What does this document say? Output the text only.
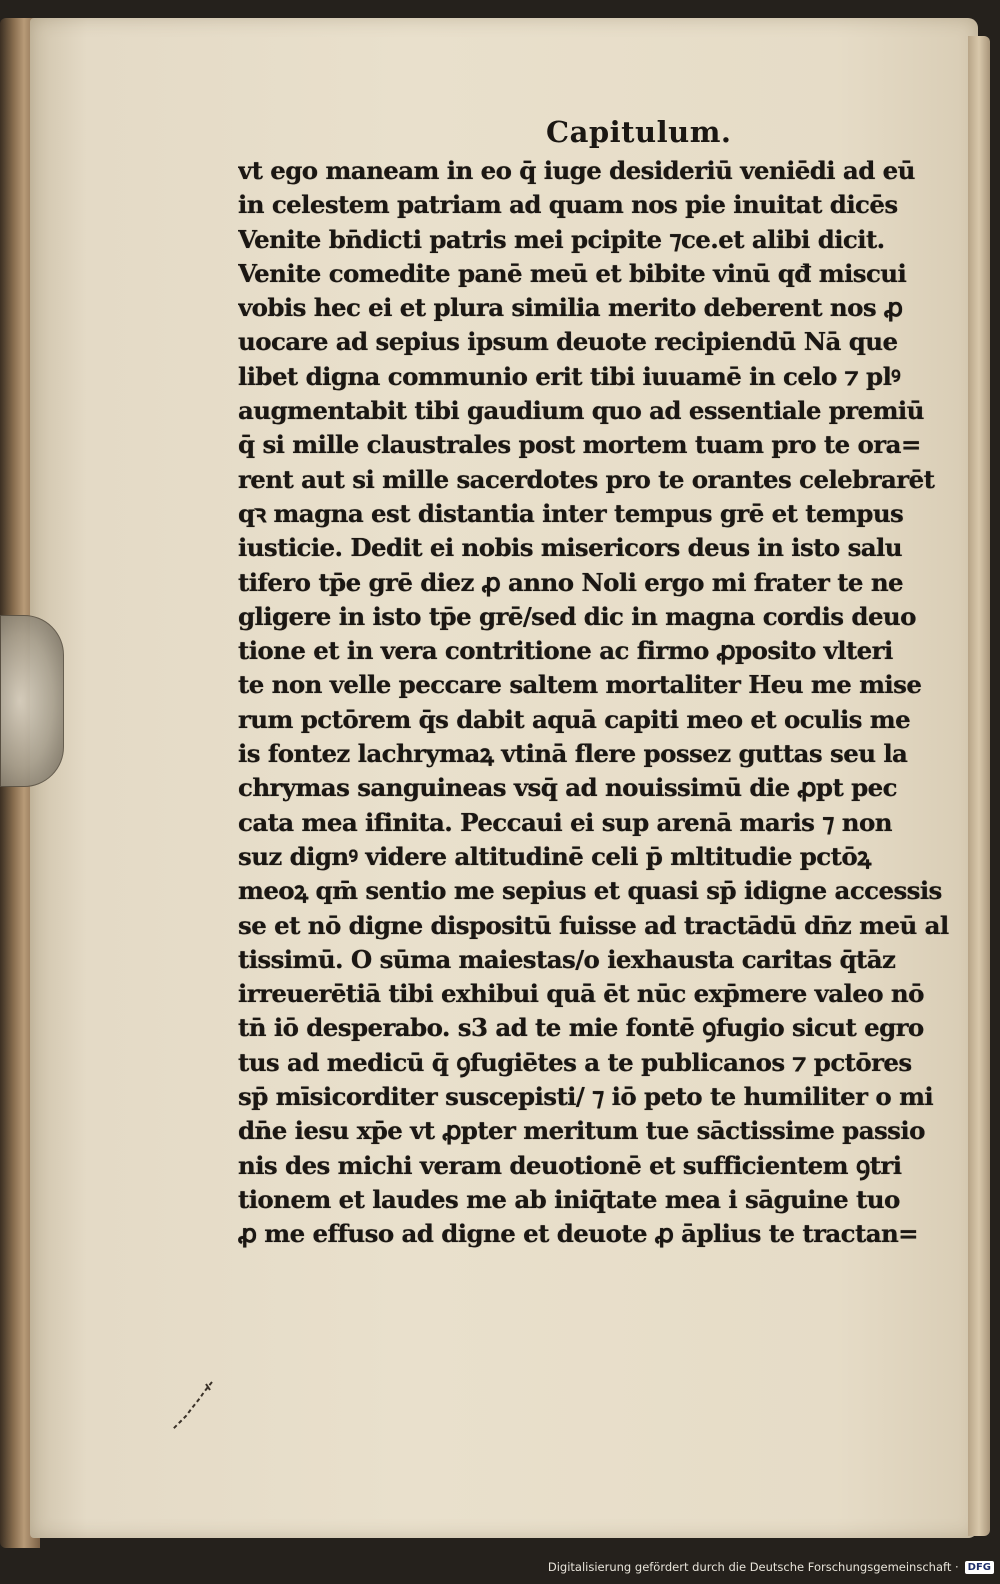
Capitulum.
vt ego maneam in eo q̄ iuge desideriū veniēdi ad eū
in celestem patriam ad quam nos pie inuitat dicēs
Venite bn̄dicti patris mei pcipite ⁊ce.et alibi dicit.
Venite comedite panē meū et bibite vinū qđ miscui
vobis hec ei et plura similia merito deberent nos ꝓ
uocare ad sepius ipsum deuote recipiendū Nā que
libet digna communio erit tibi iuuamē in celo ⁊ plꝰ
augmentabit tibi gaudium quo ad essentiale premiū
q̄ si mille claustrales post mortem tuam pro te ora=
rent aut si mille sacerdotes pro te orantes celebrarēt
qꝛ magna est distantia inter tempus grē et tempus
iusticie. Dedit ei nobis misericors deus in isto salu
tifero tp̄e grē diez ꝓ anno Noli ergo mi frater te ne
gligere in isto tp̄e grē/sed dic in magna cordis deuo
tione et in vera contritione ac firmo ꝓposito vlteri
te non velle peccare saltem mortaliter Heu me mise
rum pctōrem q̄s dabit aquā capiti meo et oculis me
is fontez lachrymaꝝ vtinā flere possez guttas seu la
chrymas sanguineas vsq̄ ad nouissimū die ꝓpt pec
cata mea ifinita. Peccaui ei sup arenā maris ⁊ non
suz dignꝰ videre altitudinē celi p̄ mltitudie pctōꝝ
meoꝝ qm̄ sentio me sepius et quasi sp̄ idigne accessis
se et nō digne dispositū fuisse ad tractādū dn̄z meū al
tissimū. O sūma maiestas/o iexhausta caritas q̄tāz
irreuerētiā tibi exhibui quā ēt nūc exp̄mere valeo nō
tn̄ iō desperabo. s3 ad te mie fontē ꝯfugio sicut egro
tus ad medicū q̄ ꝯfugiētes a te publicanos ⁊ pctōres
sp̄ mīsicorditer suscepisti/ ⁊ iō peto te humiliter o mi
dn̄e iesu xp̄e vt ꝓpter meritum tue sāctissime passio
nis des michi veram deuotionē et sufficientem ꝯtri
tionem et laudes me ab iniq̄tate mea i sāguine tuo
ꝓ me effuso ad digne et deuote ꝓ āplius te tractan=
Digitalisierung gefördert durch die Deutsche Forschungsgemeinschaft · DFG
